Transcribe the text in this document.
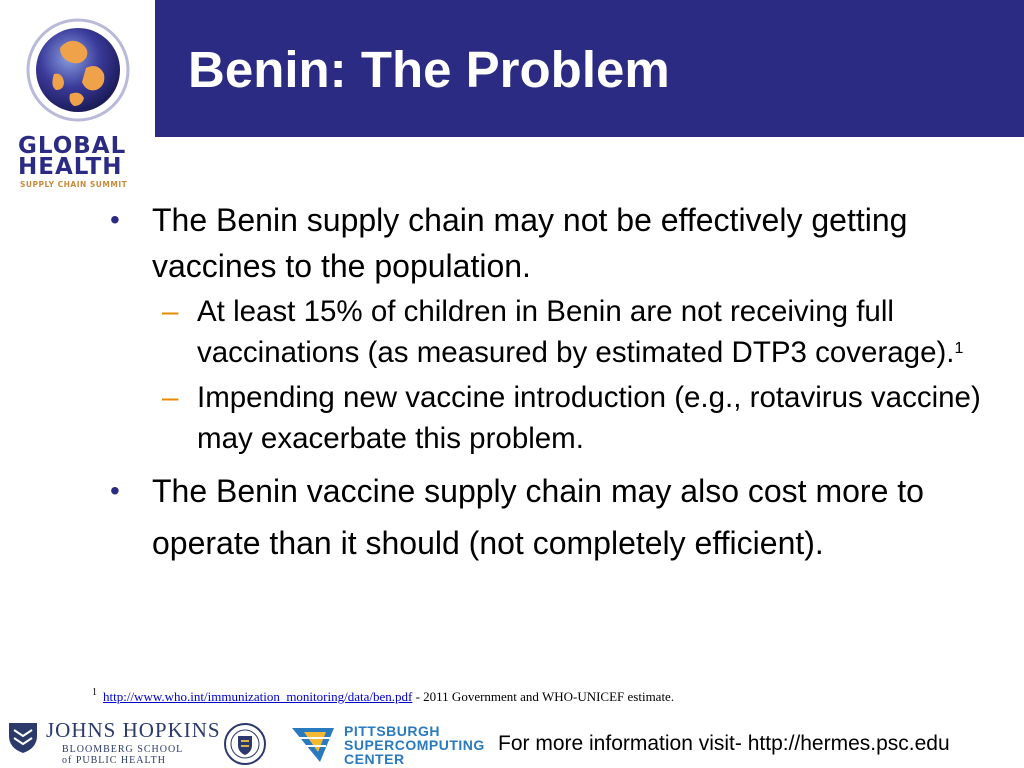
Benin: The Problem
GLOBAL
HEALTH
SUPPLY CHAIN SUMMIT
• The Benin supply chain may not be effectively getting vaccines to the population.
– At least 15% of children in Benin are not receiving full vaccinations (as measured by estimated DTP3 coverage).$^1$
– Impending new vaccine introduction (e.g., rotavirus vaccine) may exacerbate this problem.
• The Benin vaccine supply chain may also cost more to operate than it should (not completely efficient).
$^1$ http://www.who.int/immunization_monitoring/data/ben.pdf - 2011 Government and WHO-UNICEF estimate.
JOHNS HOPKINS
BLOOMBERG SCHOOL
of PUBLIC HEALTH
PITTSBURGH
SUPERCOMPUTING
CENTER
For more information visit- http://hermes.psc.edu
